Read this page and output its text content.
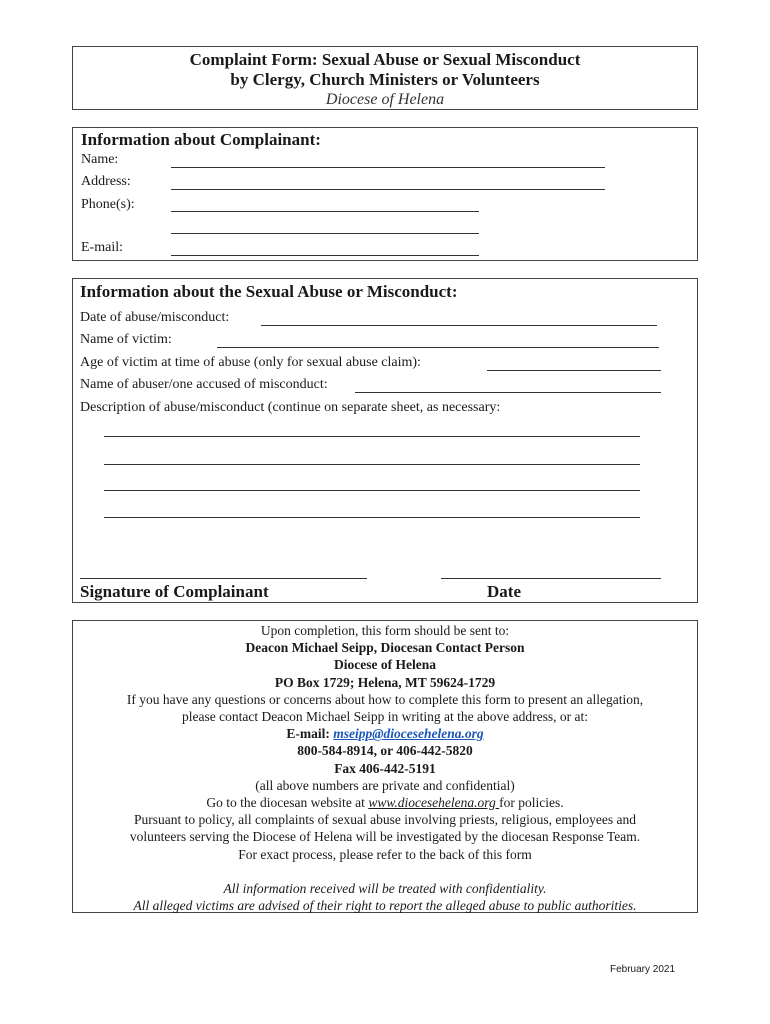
Complaint Form: Sexual Abuse or Sexual Misconduct
by Clergy, Church Ministers or Volunteers
Diocese of Helena
Information about Complainant:
Name:
Address:
Phone(s):
E-mail:
Information about the Sexual Abuse or Misconduct:
Date of abuse/misconduct:
Name of victim:
Age of victim at time of abuse (only for sexual abuse claim):
Name of abuser/one accused of misconduct:
Description of abuse/misconduct (continue on separate sheet, as necessary:
Signature of Complainant	Date
Upon completion, this form should be sent to:
Deacon Michael Seipp, Diocesan Contact Person
Diocese of Helena
PO Box 1729; Helena, MT 59624-1729
If you have any questions or concerns about how to complete this form to present an allegation,
please contact Deacon Michael Seipp in writing at the above address, or at:
E-mail: mseipp@diocesehelena.org
800-584-8914, or 406-442-5820
Fax 406-442-5191
(all above numbers are private and confidential)
Go to the diocesan website at www.diocesehelena.org for policies.
Pursuant to policy, all complaints of sexual abuse involving priests, religious, employees and
volunteers serving the Diocese of Helena will be investigated by the diocesan Response Team.
For exact process, please refer to the back of this form
All information received will be treated with confidentiality.
All alleged victims are advised of their right to report the alleged abuse to public authorities.
February 2021
